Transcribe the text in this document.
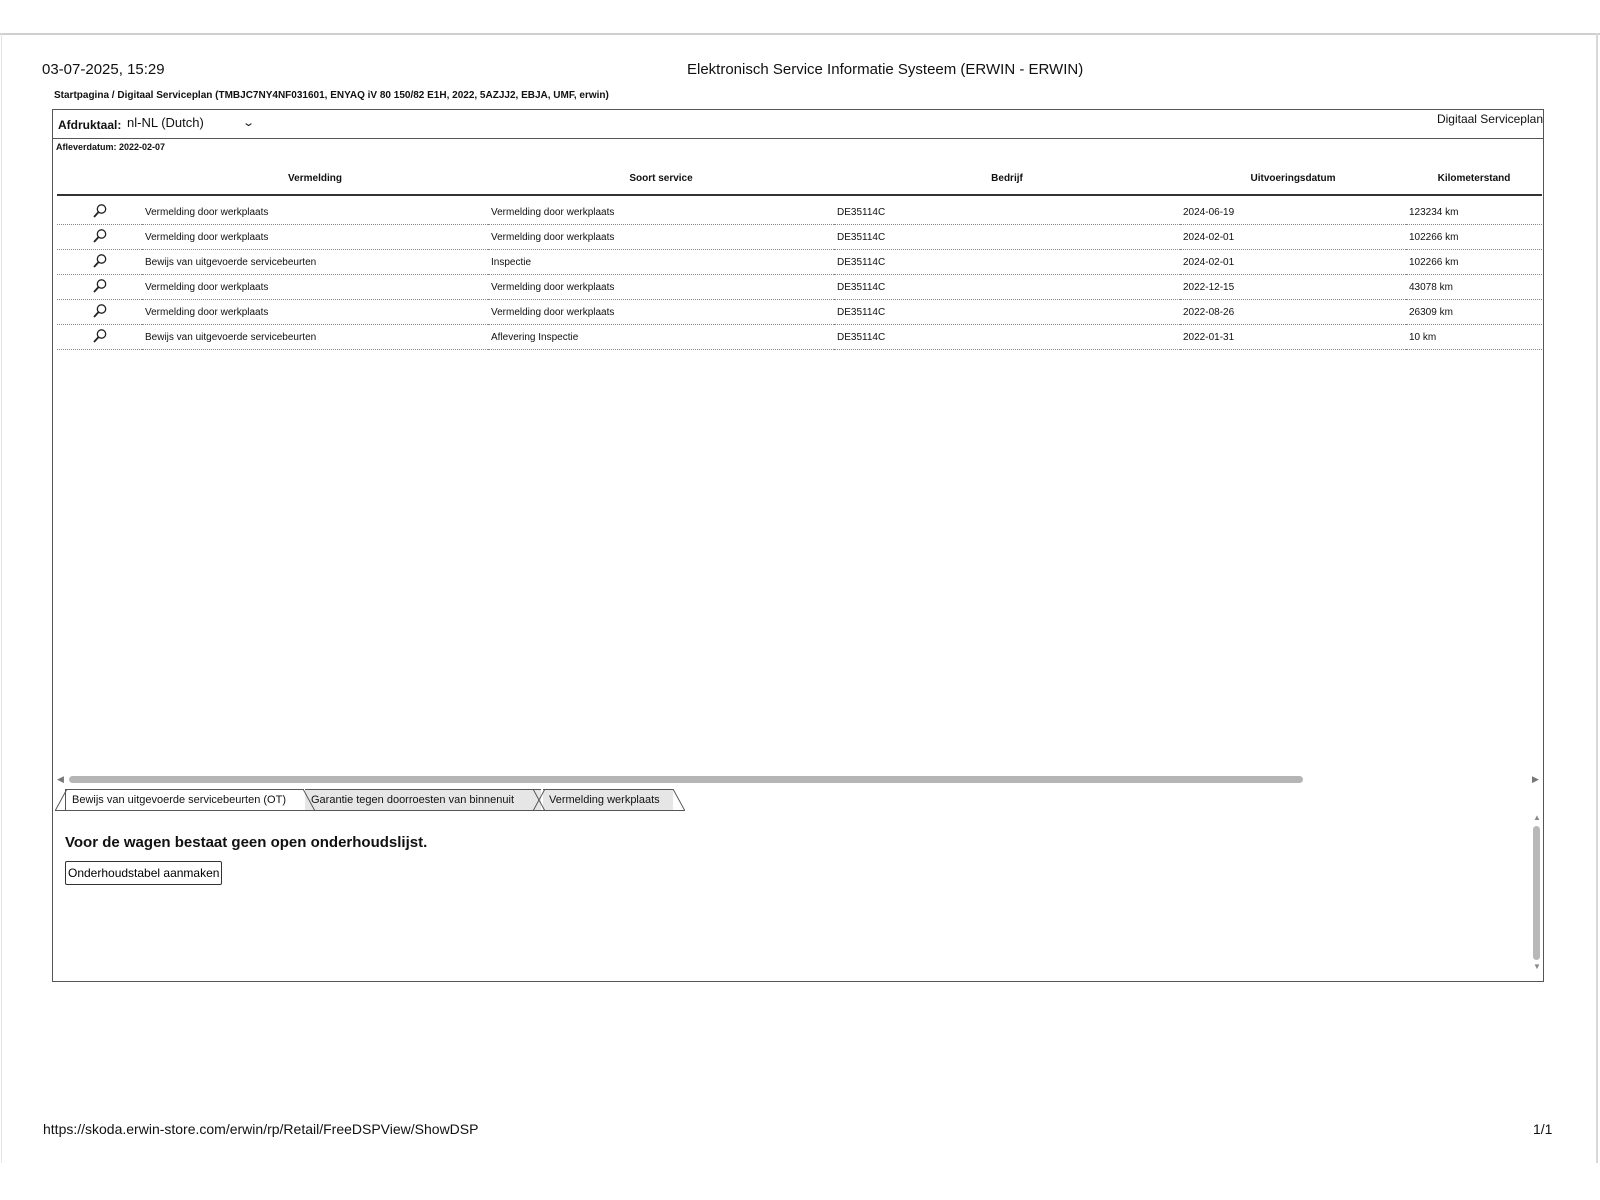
03-07-2025, 15:29	Elektronisch Service Informatie Systeem (ERWIN - ERWIN)
Startpagina / Digitaal Serviceplan (TMBJC7NY4NF031601, ENYAQ iV 80 150/82 E1H, 2022, 5AZJJ2, EBJA, UMF, erwin)
Afdruktaal: nl-NL (Dutch)	⌄	Digitaal Serviceplan
Afleverdatum: 2022-02-07
	Vermelding	Soort service	Bedrijf	Uitvoeringsdatum	Kilometerstand
	Vermelding door werkplaats	Vermelding door werkplaats	DE35114C	2024-06-19	123234 km
	Vermelding door werkplaats	Vermelding door werkplaats	DE35114C	2024-02-01	102266 km
	Bewijs van uitgevoerde servicebeurten	Inspectie	DE35114C	2024-02-01	102266 km
	Vermelding door werkplaats	Vermelding door werkplaats	DE35114C	2022-12-15	43078 km
	Vermelding door werkplaats	Vermelding door werkplaats	DE35114C	2022-08-26	26309 km
	Bewijs van uitgevoerde servicebeurten	Aflevering Inspectie	DE35114C	2022-01-31	10 km
◀	▶
Bewijs van uitgevoerde servicebeurten (OT)	Garantie tegen doorroesten van binnenuit	Vermelding werkplaats
Voor de wagen bestaat geen open onderhoudslijst.
Onderhoudstabel aanmaken
▲
▼
https://skoda.erwin-store.com/erwin/rp/Retail/FreeDSPView/ShowDSP	1/1
